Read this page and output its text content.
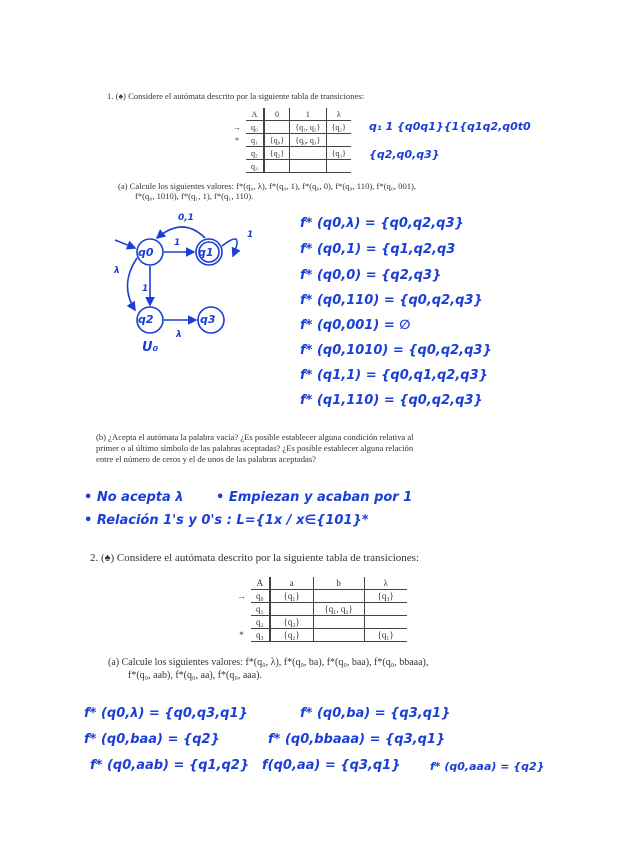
1. (♠) Considere el autómata descrito por la siguiente tabla de transiciones:
	A	0	1	λ
→	q₀		{q₁, q₂}	{q₂}
*	q₁	{q₀}	{q₀, q₁}	
	q₂	{q₂}		{q₃}
	q₃			
q₁ 1 {q0q1}{1{q1q2,q0t0
{q2,q0,q3}
(a) Calcule los siguientes valores: f*(q₀, λ), f*(q₀, 1), f*(q₀, 0), f*(q₀, 110), f*(q₀, 001),
f*(q₀, 1010), f*(q₁, 1), f*(q₁, 110).
q0	q1
q2	q3
1
0,1
1
λ
1
λ
U₀
f* (q0,λ) = {q0,q2,q3}
f* (q0,1) = {q1,q2,q3
f* (q0,0) = {q2,q3}
f* (q0,110) = {q0,q2,q3}
f* (q0,001) = ∅
f* (q0,1010) = {q0,q2,q3}
f* (q1,1) = {q0,q1,q2,q3}
f* (q1,110) = {q0,q2,q3}
(b) ¿Acepta el autómata la palabra vacía? ¿Es posible establecer alguna condición relativa al primer o al último símbolo de las palabras aceptadas? ¿Es posible establecer alguna relación entre el número de ceros y el de unos de las palabras aceptadas?
• No acepta λ • Empiezan y acaban por 1
• Relación 1's y 0's : L={1x / x∈{101}*
2. (♠) Considere el autómata descrito por la siguiente tabla de transiciones:
	A	a	b	λ
→	q₀	{q₁}		{q₃}
	q₁		{q₁, q₂}	
	q₂	{q₃}		
*	q₃	{q₂}		{q₁}
(a) Calcule los siguientes valores: f*(q₀, λ), f*(q₀, ba), f*(q₀, baa), f*(q₀, bbaaa),
f*(q₀, aab), f*(q₀, aa), f*(q₀, aaa).
f* (q0,λ) = {q0,q3,q1}	f* (q0,ba) = {q3,q1}
f* (q0,baa) = {q2}	f* (q0,bbaaa) = {q3,q1}
f* (q0,aab) = {q1,q2} f(q0,aa) = {q3,q1}	f* (q0,aaa) = {q2}
